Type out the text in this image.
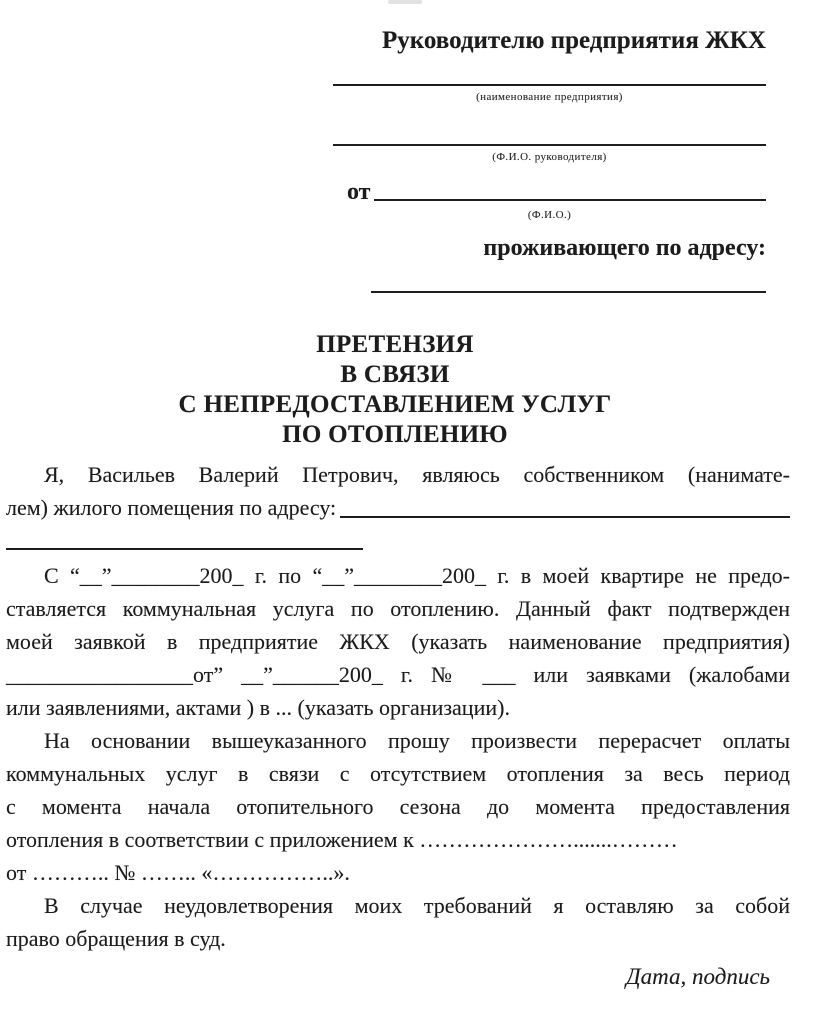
Руководителю предприятия ЖКХ
(наименование предприятия)
(Ф.И.О. руководителя)
от
(Ф.И.О.)
проживающего по адресу:
ПРЕТЕНЗИЯ
В СВЯЗИ
С НЕПРЕДОСТАВЛЕНИЕМ УСЛУГ
ПО ОТОПЛЕНИЮ
Я, Васильев Валерий Петрович, являюсь собственником (нанимате-
лем) жилого помещения по адресу:
С “__”________200_ г. по “__”________200_ г. в моей квартире не предо-
ставляется коммунальная услуга по отоплению. Данный факт подтвержден
моей заявкой в предприятие ЖКХ (указать наименование предприятия)
_________________от” __”______200_ г. № ___ или заявками (жалобами
или заявлениями, актами ) в ... (указать организации).
На основании вышеуказанного прошу произвести перерасчет оплаты
коммунальных услуг в связи с отсутствием отопления за весь период
с момента начала отопительного сезона до момента предоставления
отопления в соответствии с приложением к ………………….......………
от ……….. № …….. «……………..».
В случае неудовлетворения моих требований я оставляю за собой
право обращения в суд.
Дата, подпись
